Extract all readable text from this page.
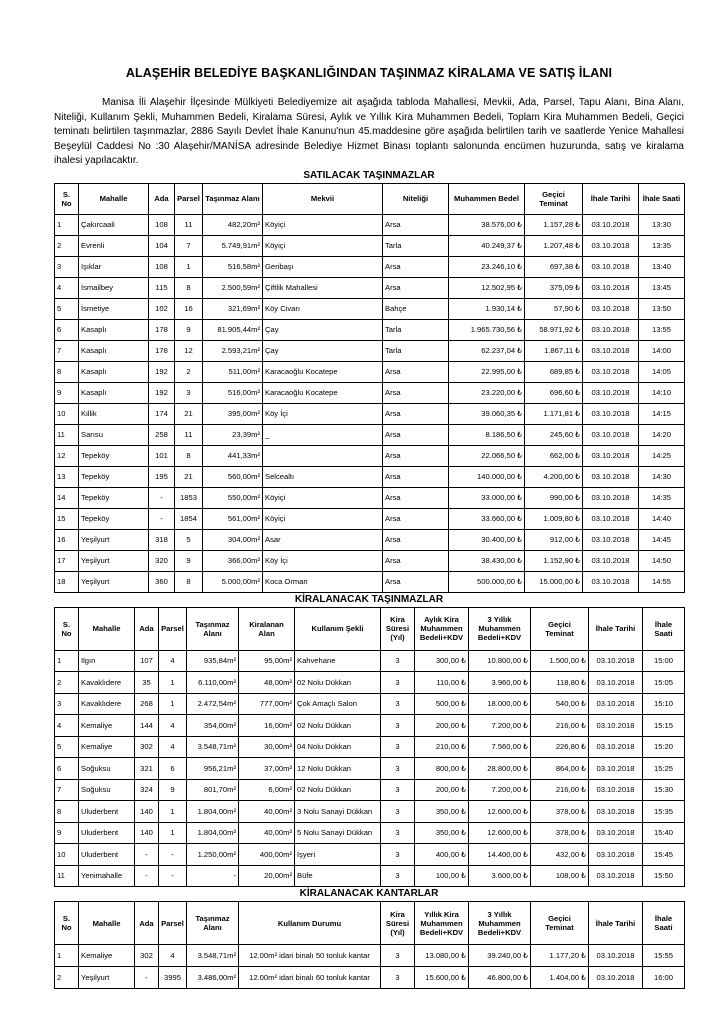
ALAŞEHİR BELEDİYE BAŞKANLIĞINDAN TAŞINMAZ KİRALAMA VE SATIŞ İLANI

Manisa İli Alaşehir İlçesinde Mülkiyeti Belediyemize ait aşağıda tabloda Mahallesi, Mevkii, Ada, Parsel, Tapu Alanı, Bina Alanı, Niteliği, Kullanım Şekli, Muhammen Bedeli, Kiralama Süresi, Aylık ve Yıllık Kira Muhammen Bedeli, Toplam Kira Muhammen Bedeli, Geçici teminatı belirtilen taşınmazlar, 2886 Sayılı Devlet İhale Kanunu'nun 45.maddesine göre aşağıda belirtilen tarih ve saatlerde Yenice Mahallesi Beşeylül Caddesi No :30 Alaşehir/MANİSA adresinde Belediye Hizmet Binası toplantı salonunda encümen huzurunda, satış ve kiralama ihalesi yapılacaktır.

SATILACAK TAŞINMAZLAR
S. No	Mahalle	Ada	Parsel	Taşınmaz Alanı	Mekvii	Niteliği	Muhammen Bedel	Geçici Teminat	İhale Tarihi	İhale Saati
1	Çakırcaali	108	11	482,20m²	Köyiçi	Arsa	38.576,00 ₺	1.157,28 ₺	03.10.2018	13:30
2	Evrenli	104	7	5.749,91m²	Köyiçi	Tarla	40.249,37 ₺	1.207,48 ₺	03.10.2018	13:35
3	Işıklar	108	1	516,58m²	Geribaşı	Arsa	23.246,10 ₺	697,38 ₺	03.10.2018	13:40
4	İsmailbey	115	8	2.500,59m²	Çiftlik Mahallesi	Arsa	12.502,95 ₺	375,09 ₺	03.10.2018	13:45
5	İsmetiye	102	16	321,69m²	Köy Civarı	Bahçe	1.930,14 ₺	57,90 ₺	03.10.2018	13:50
6	Kasaplı	178	9	81.905,44m²	Çay	Tarla	1.965.730,56 ₺	58.971,92 ₺	03.10.2018	13:55
7	Kasaplı	178	12	2.593,21m²	Çay	Tarla	62.237,04 ₺	1.867,11 ₺	03.10.2018	14:00
8	Kasaplı	192	2	511,00m²	Karacaoğlu Kocatepe	Arsa	22.995,00 ₺	689,85 ₺	03.10.2018	14:05
9	Kasaplı	192	3	516,00m²	Karacaoğlu Kocatepe	Arsa	23.220,00 ₺	696,60 ₺	03.10.2018	14:10
10	Killik	174	21	395,00m²	Köy İçi	Arsa	39.060,35 ₺	1.171,81 ₺	03.10.2018	14:15
11	Sarısu	258	11	23,39m²	_	Arsa	8.186,50 ₺	245,60 ₺	03.10.2018	14:20
12	Tepeköy	101	8	441,33m²		Arsa	22.066,50 ₺	662,00 ₺	03.10.2018	14:25
13	Tepeköy	195	21	560,00m²	Selcealtı	Arsa	140.000,00 ₺	4.200,00 ₺	03.10.2018	14:30
14	Tepeköy	-	1853	550,00m²	Köyiçi	Arsa	33.000,00 ₺	990,00 ₺	03.10.2018	14:35
15	Tepeköy	-	1854	561,00m²	Köyiçi	Arsa	33.660,00 ₺	1.009,80 ₺	03.10.2018	14:40
16	Yeşilyurt	318	5	304,00m²	Asar	Arsa	30.400,00 ₺	912,00 ₺	03.10.2018	14:45
17	Yeşilyurt	320	9	366,00m²	Köy İçi	Arsa	38.430,00 ₺	1.152,90 ₺	03.10.2018	14:50
18	Yeşilyurt	360	8	5.000,00m²	Koca Orman	Arsa	500.000,00 ₺	15.000,00 ₺	03.10.2018	14:55
KİRALANACAK TAŞINMAZLAR
S. No	Mahalle	Ada	Parsel	Taşınmaz Alanı	Kiralanan Alan	Kullanım Şekli	Kira Süresi (Yıl)	Aylık Kira Muhammen Bedeli+KDV	3 Yıllık Muhammen Bedeli+KDV	Geçici Teminat	İhale Tarihi	İhale Saati
1	Ilgın	107	4	935,84m²	95,00m²	Kahvehane	3	300,00 ₺	10.800,00 ₺	1.500,00 ₺	03.10.2018	15:00
2	Kavaklıdere	35	1	6.110,00m²	48,00m²	02 Nolu Dükkan	3	110,00 ₺	3.960,00 ₺	118,80 ₺	03.10.2018	15:05
3	Kavaklıdere	268	1	2.472,54m²	777,00m²	Çok Amaçlı Salon	3	500,00 ₺	18.000,00 ₺	540,00 ₺	03.10.2018	15:10
4	Kemaliye	144	4	354,00m²	16,00m²	02 Nolu Dükkan	3	200,00 ₺	7.200,00 ₺	216,00 ₺	03.10.2018	15:15
5	Kemaliye	302	4	3.548,71m²	30,00m²	04 Nolu Dükkan	3	210,00 ₺	7.560,00 ₺	226,80 ₺	03.10.2018	15:20
6	Soğuksu	321	6	956,21m²	37,00m²	12 Nolu Dükkan	3	800,00 ₺	28.800,00 ₺	864,00 ₺	03.10.2018	15:25
7	Soğuksu	324	9	801,70m²	6,00m²	02 Nolu Dükkan	3	200,00 ₺	7.200,00 ₺	216,00 ₺	03.10.2018	15:30
8	Uluderbent	140	1	1.804,00m²	40,00m²	3 Nolu Sanayi Dükkan	3	350,00 ₺	12.600,00 ₺	378,00 ₺	03.10.2018	15:35
9	Uluderbent	140	1	1.804,00m²	40,00m²	5 Nolu Sanayi Dükkan	3	350,00 ₺	12.600,00 ₺	378,00 ₺	03.10.2018	15:40
10	Uluderbent	-	-	1.250,00m²	400,00m²	İşyeri	3	400,00 ₺	14.400,00 ₺	432,00 ₺	03.10.2018	15:45
11	Yenimahalle	-	-	-	20,00m²	Büfe	3	100,00 ₺	3.600,00 ₺	108,00 ₺	03.10.2018	15:50
KİRALANACAK KANTARLAR
S. No	Mahalle	Ada	Parsel	Taşınmaz Alanı	Kullanım Durumu	Kira Süresi (Yıl)	Yıllık Kira Muhammen Bedeli+KDV	3 Yıllık Muhammen Bedeli+KDV	Geçici Teminat	İhale Tarihi	İhale Saati
1	Kemaliye	302	4	3.548,71m²	12.00m² idari binalı 50 tonluk kantar	3	13.080,00 ₺	39.240,00 ₺	1.177,20 ₺	03.10.2018	15:55
2	Yeşilyurt	-	3995	3.486,00m²	12.00m² idari binalı 60 tonluk kantar	3	15.600,00 ₺	46.800,00 ₺	1.404,00 ₺	03.10.2018	16:00
